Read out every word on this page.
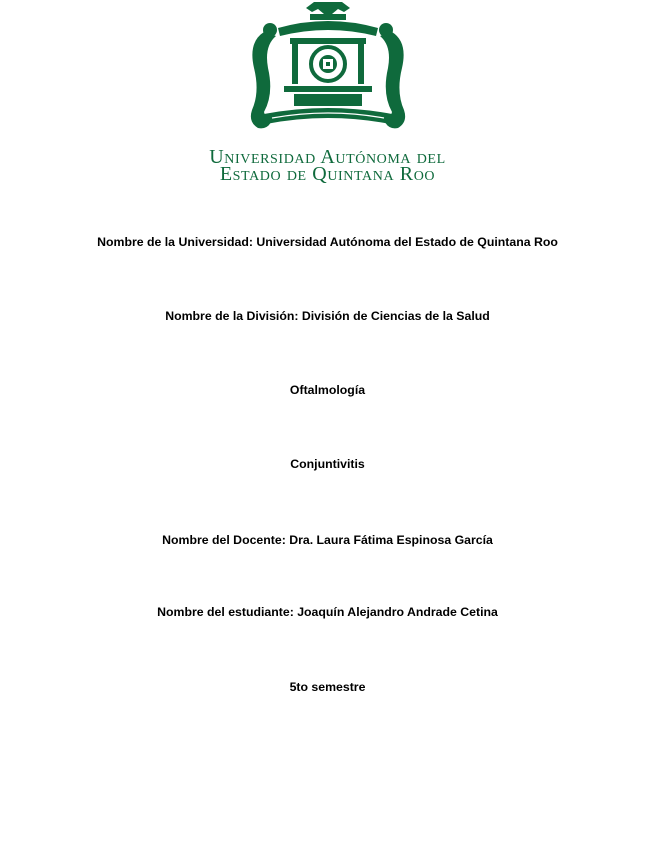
Universidad Autónoma del
Estado de Quintana Roo
Nombre de la Universidad: Universidad Autónoma del Estado de Quintana Roo
Nombre de la División: División de Ciencias de la Salud
Oftalmología
Conjuntivitis
Nombre del Docente: Dra. Laura Fátima Espinosa García
Nombre del estudiante: Joaquín Alejandro Andrade Cetina
5to semestre
